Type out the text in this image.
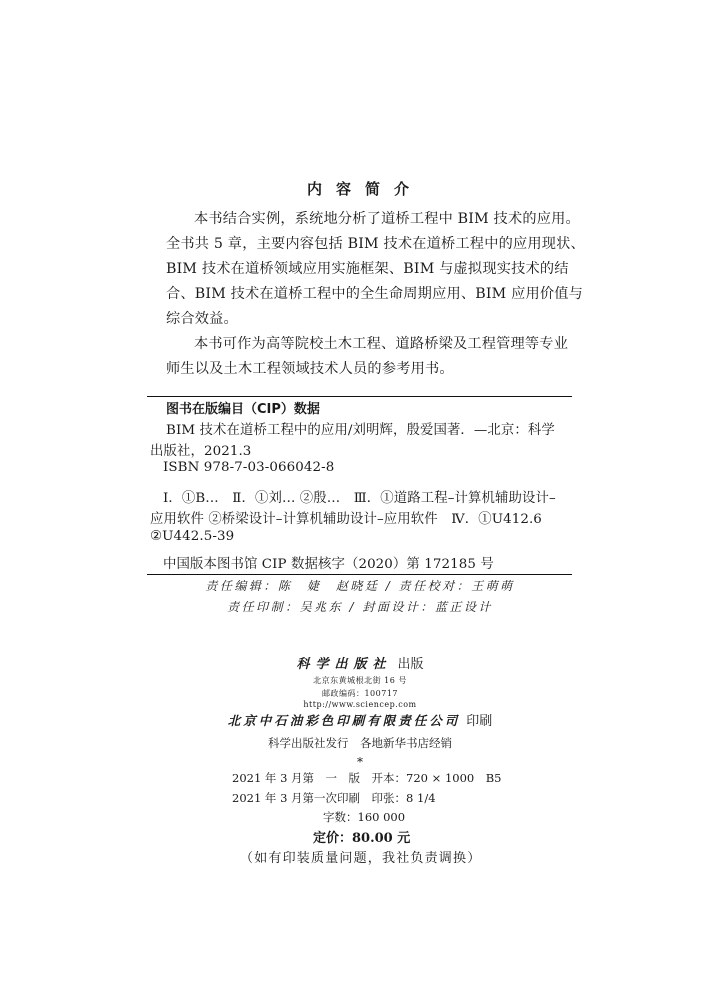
内容简介
本书结合实例，系统地分析了道桥工程中 BIM 技术的应用。
全书共 5 章，主要内容包括 BIM 技术在道桥工程中的应用现状、
BIM 技术在道桥领域应用实施框架、BIM 与虚拟现实技术的结
合、BIM 技术在道桥工程中的全生命周期应用、BIM 应用价值与
综合效益。
本书可作为高等院校土木工程、道路桥梁及工程管理等专业
师生以及土木工程领域技术人员的参考用书。
图书在版编目（CIP）数据
BIM 技术在道桥工程中的应用/刘明辉，殷爱国著．—北京：科学
出版社，2021.3
ISBN 978-7-03-066042-8
Ⅰ．①B…　Ⅱ．①刘… ②殷…　Ⅲ．①道路工程–计算机辅助设计–
应用软件 ②桥梁设计–计算机辅助设计–应用软件　Ⅳ．①U412.6
②U442.5-39
中国版本图书馆 CIP 数据核字（2020）第 172185 号
责任编辑：陈　婕　赵晓廷 / 责任校对：王萌萌
责任印制：吴兆东 / 封面设计：蓝正设计
科学出版社 出版
北京东黄城根北街 16 号
邮政编码：100717
http://www.sciencep.com
北京中石油彩色印刷有限责任公司 印刷
科学出版社发行　各地新华书店经销
*
2021 年 3 月第　一　版　开本：720 × 1000　B5
2021 年 3 月第一次印刷　印张：8 1/4
字数：160 000
定价：80.00 元
（如有印装质量问题，我社负责调换）
